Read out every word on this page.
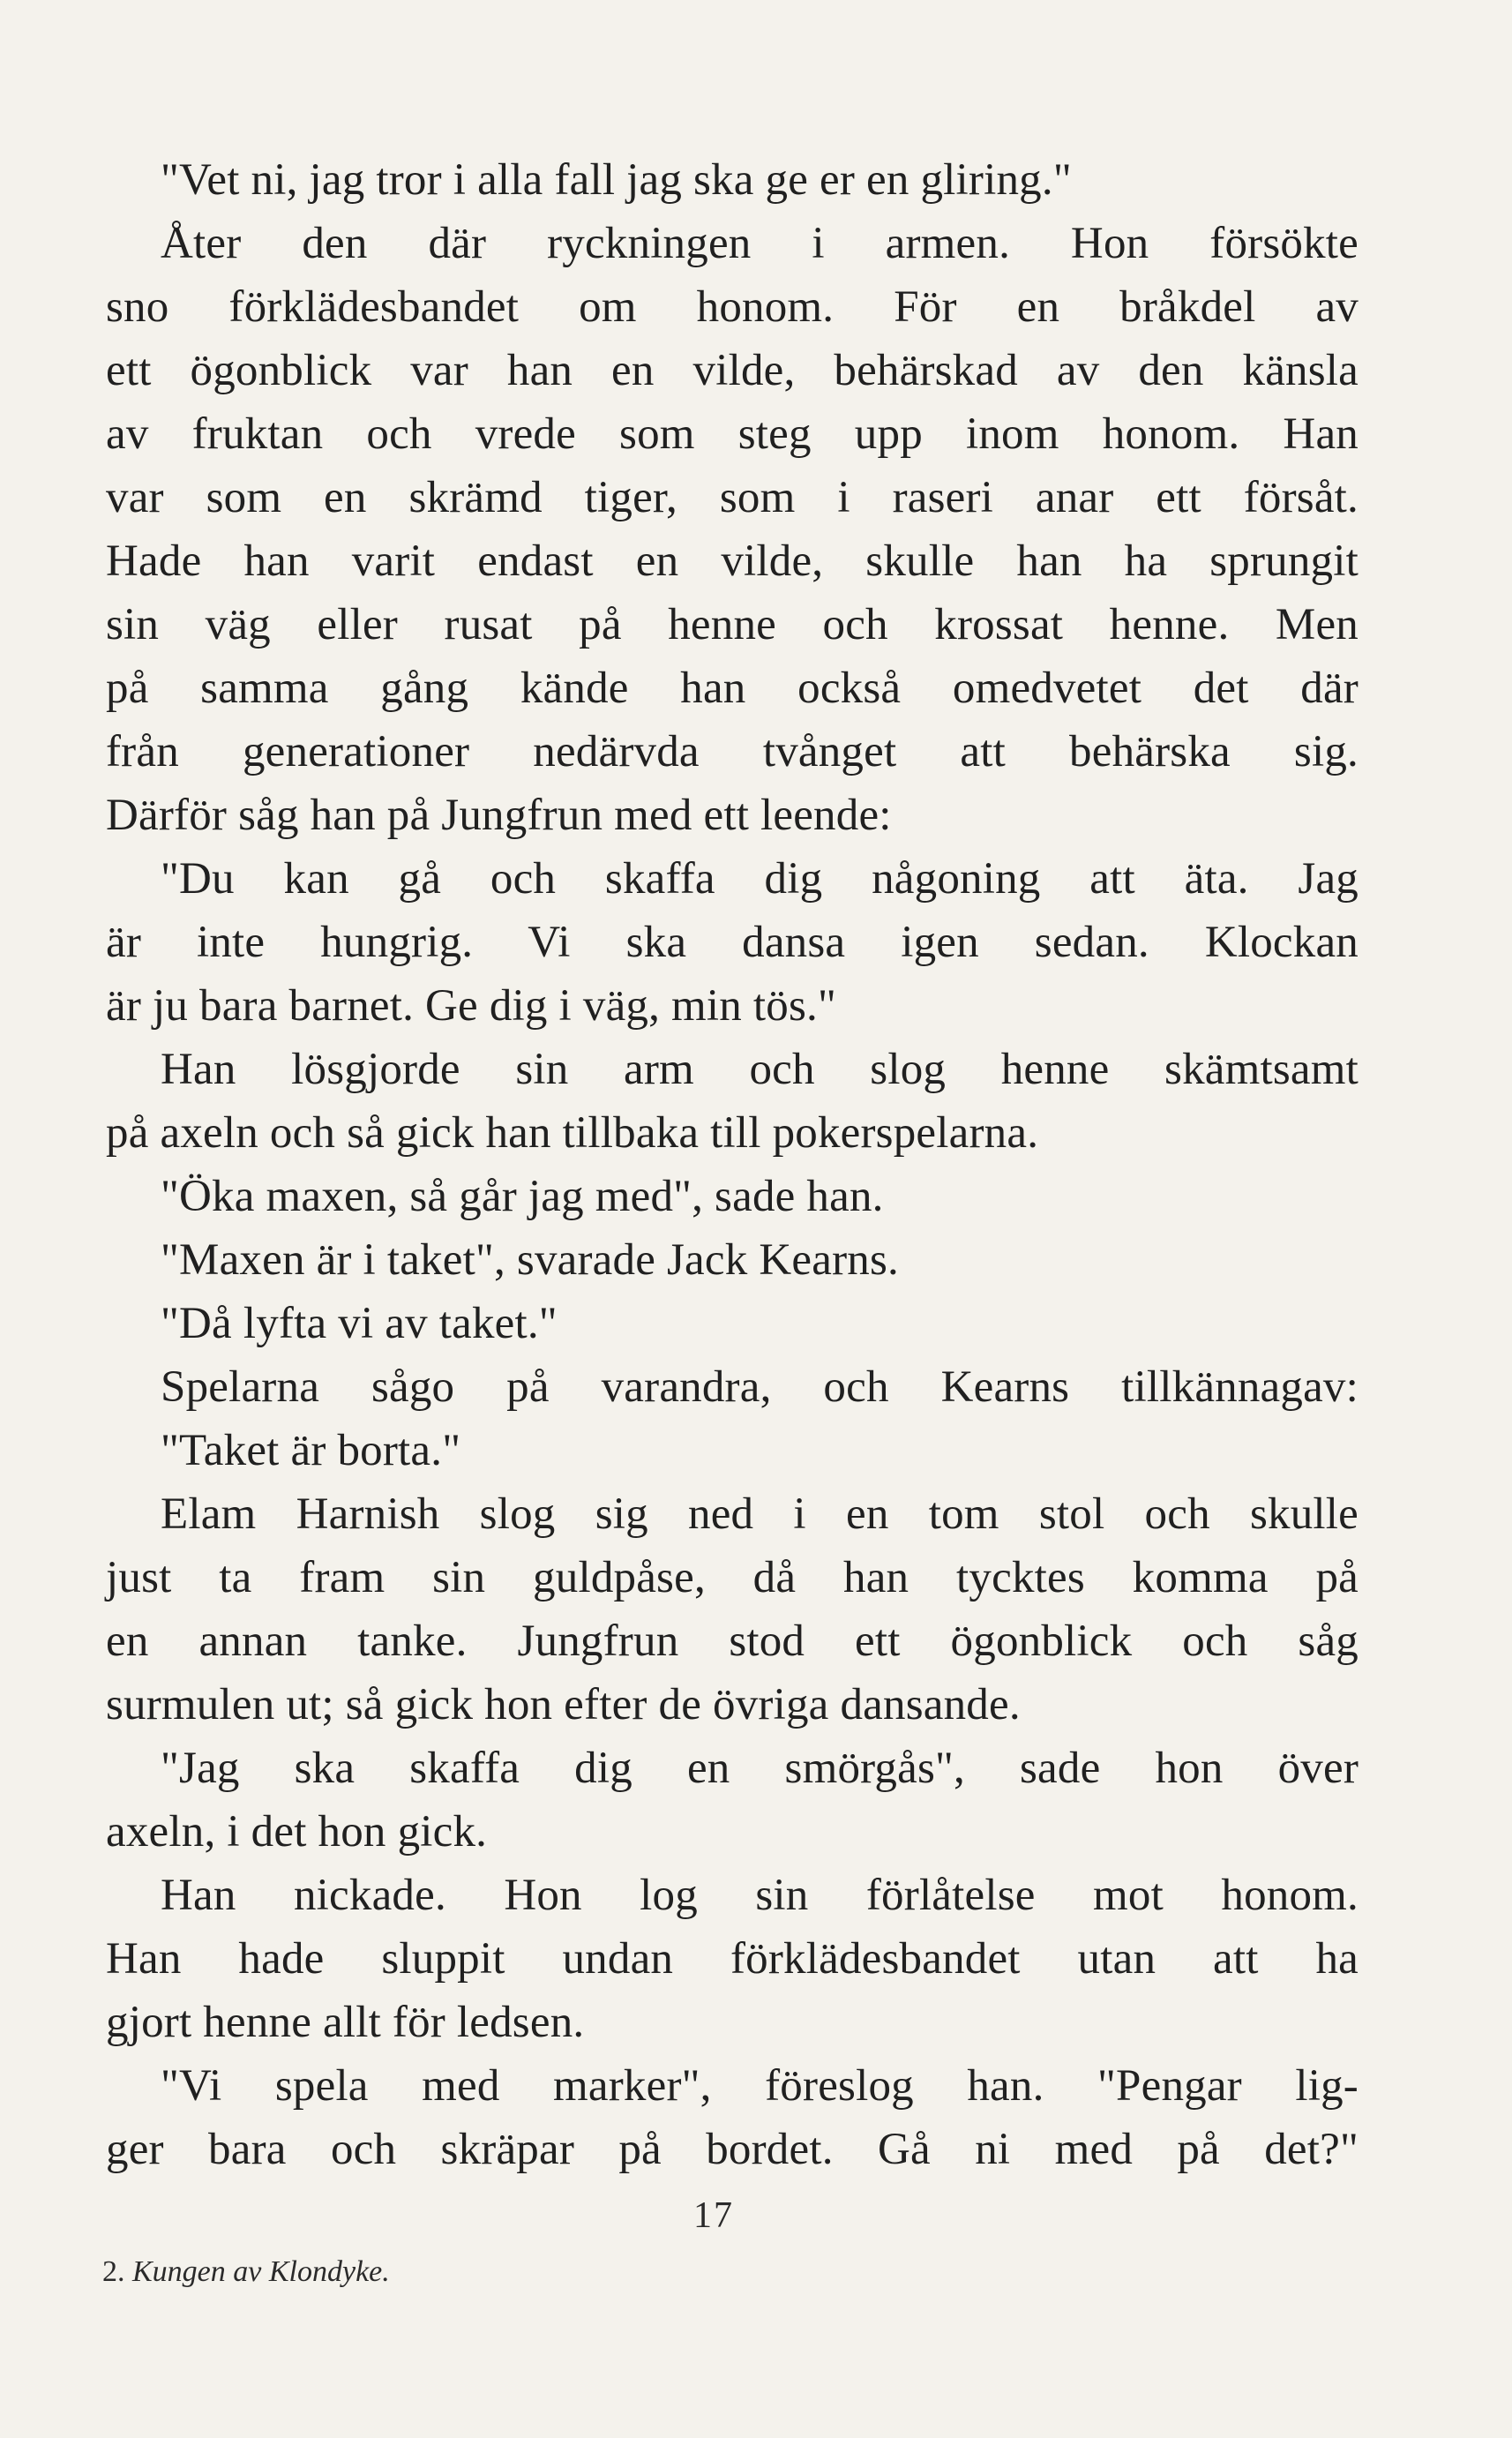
"Vet ni, jag tror i alla fall jag ska ge er en gliring."
Åter den där ryckningen i armen. Hon försökte
sno förklädesbandet om honom. För en bråkdel av
ett ögonblick var han en vilde, behärskad av den känsla
av fruktan och vrede som steg upp inom honom. Han
var som en skrämd tiger, som i raseri anar ett försåt.
Hade han varit endast en vilde, skulle han ha sprungit
sin väg eller rusat på henne och krossat henne. Men
på samma gång kände han också omedvetet det där
från generationer nedärvda tvånget att behärska sig.
Därför såg han på Jungfrun med ett leende:
"Du kan gå och skaffa dig någoning att äta. Jag
är inte hungrig. Vi ska dansa igen sedan. Klockan
är ju bara barnet. Ge dig i väg, min tös."
Han lösgjorde sin arm och slog henne skämtsamt
på axeln och så gick han tillbaka till pokerspelarna.
"Öka maxen, så går jag med", sade han.
"Maxen är i taket", svarade Jack Kearns.
"Då lyfta vi av taket."
Spelarna sågo på varandra, och Kearns tillkännagav:
"Taket är borta."
Elam Harnish slog sig ned i en tom stol och skulle
just ta fram sin guldpåse, då han tycktes komma på
en annan tanke. Jungfrun stod ett ögonblick och såg
surmulen ut; så gick hon efter de övriga dansande.
"Jag ska skaffa dig en smörgås", sade hon över
axeln, i det hon gick.
Han nickade. Hon log sin förlåtelse mot honom.
Han hade sluppit undan förklädesbandet utan att ha
gjort henne allt för ledsen.
"Vi spela med marker", föreslog han. "Pengar lig-
ger bara och skräpar på bordet. Gå ni med på det?"
17
2. Kungen av Klondyke.
